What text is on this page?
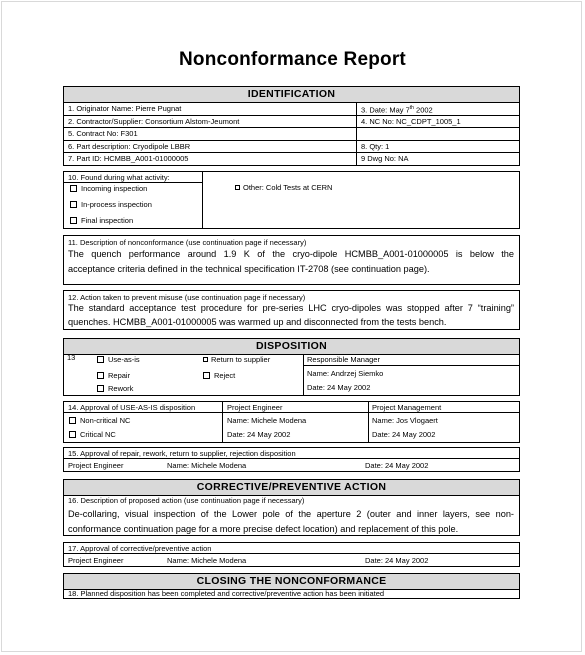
Nonconformance Report
IDENTIFICATION
1. Originator Name: Pierre Pugnat	3. Date: May 7th 2002
2. Contractor/Supplier: Consortium Alstom-Jeumont	4. NC No: NC_CDPT_1005_1
5. Contract No: F301
6. Part description: Cryodipole LBBR	8. Qty: 1
7. Part ID: HCMBB_A001-01000005	9 Dwg No: NA
10. Found during what activity:
Incoming inspection
In-process inspection
Final inspection
Other: Cold Tests at CERN
11. Description of nonconformance (use continuation page if necessary)
The quench performance around 1.9 K of the cryo-dipole HCMBB_A001-01000005 is below the
acceptance criteria defined in the technical specification IT-2708 (see continuation page).
12. Action taken to prevent misuse (use continuation page if necessary)
The standard acceptance test procedure for pre-series LHC cryo-dipoles was stopped after 7 “training”
quenches. HCMBB_A001-01000005 was warmed up and disconnected from the tests bench.
DISPOSITION
13	Use-as-is
Repair
Rework
Return to supplier
Reject
Responsible Manager
Name: Andrzej Siemko
Date: 24 May 2002
14. Approval of USE-AS-IS disposition
Non-critical NC
Critical NC
Project Engineer
Name: Michele Modena
Date: 24 May 2002
Project Management
Name: Jos Vlogaert
Date: 24 May 2002
15. Approval of repair, rework, return to supplier, rejection disposition
Project Engineer	Name: Michele Modena	Date: 24 May 2002
CORRECTIVE/PREVENTIVE ACTION
16. Description of proposed action (use continuation page if necessary)
De-collaring, visual inspection of the Lower pole of the aperture 2 (outer and inner layers, see non-
conformance continuation page for a more precise defect location) and replacement of this pole.
17. Approval of corrective/preventive action
Project Engineer	Name: Michele Modena	Date: 24 May 2002
CLOSING THE NONCONFORMANCE
18. Planned disposition has been completed and corrective/preventive action has been initiated
